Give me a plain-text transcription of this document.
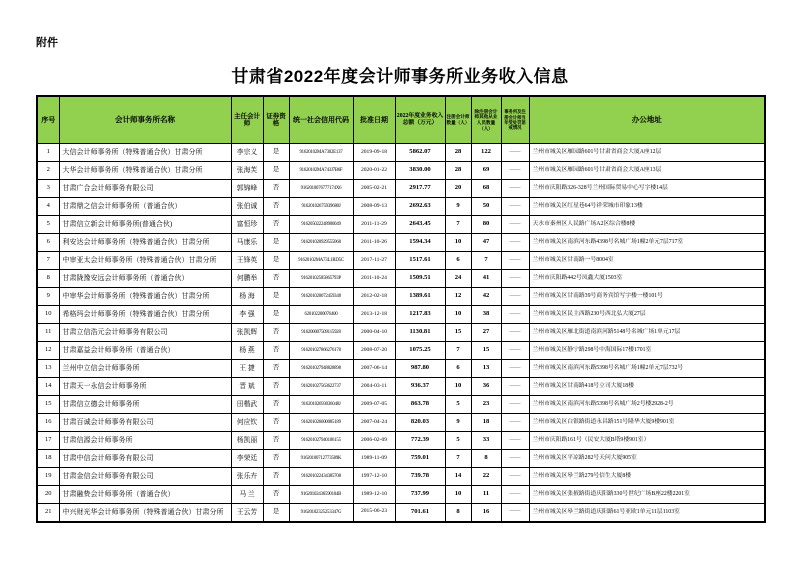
附件
甘肃省2022年度会计师事务所业务收入信息
序号	会计师事务所名称	主任会计师	证券资格	统一社会信用代码	批准日期	2022年度业务收入总额（万元）	注册会计师数量（人）	除注册会计师其他从业人员数量（人）	事务所及注册会计师当年受处罚惩戒情况	办公地址
1	大信会计师事务所（特殊普通合伙）甘肃分所	李宗义	是	91620102MA7302E137	2019-09-18	5862.07	28	122	——	兰州市城关区雁园路601号甘肃省商会大厦A座12层
2	大华会计师事务所（特殊普通合伙）甘肃分所	张海芙	是	91620102MA743J7B6F	2020-01-22	3830.00	28	69	——	兰州市城关区雁园路601号甘肃省商会大厦A座13层
3	甘肃广合会计师事务有限公司	郭锦峰	否	9162010076777174X6	2005-02-21	2917.77	20	68	——	兰州市庆阳路326-328号兰州国际贸易中心写字楼14层
4	甘肃鼎之信会计师事务所（普通合伙）	张伯诚	否	91620102675939680J	2008-09-13	2692.63	9	50	——	兰州市城关区红星巷64号祥荣城市印象13楼
5	甘肃信立新会计师事务所(普通合伙)	富恒珍	否	916205022248900049	2011-11-29	2643.45	7	80	——	天水市秦州区人民路广场A2区综合楼8楼
6	利安达会计师事务所（特殊普通合伙）甘肃分所	马康乐	是	916201020929555068	2011-10-26	1594.34	10	47	——	兰州市城关区南滨河东路4398号名城广场1幢2单元7层717室
7	中审亚太会计师事务所（特殊普通合伙）甘肃分所	王锋英	是	91620102MA73L1RD5C	2017-11-27	1517.61	6	7	——	兰州市城关区甘南路一号8004室
8	甘肃陇豫安远会计师事务所（普通合伙）	何鹏举	否	91620102585865793P	2011-10-24	1509.51	24	41	——	兰州市庆阳路442号凤鑫大厦1503室
9	中审华会计师事务所（特殊普通合伙）甘肃分所	杨 海	是	916201020072459348	2012-02-18	1389.61	12	42	——	兰州市城关区甘南路39号商务宾馆写字楼一楼101号
10	希格玛会计师事务所（特殊普通合伙）甘肃分所	李 强	是	620102200076400	2013-12-18	1217.83	10	38	——	兰州市城关区民主西路230号西北弘大厦27层
11	甘肃立信浩元会计师事务有限公司	张凯辉	否	916200007509115928	2000-04-10	1130.81	15	27	——	兰州市城关区雁北街道南滨河路5148号名城广场1单元17层
12	甘肃嘉益会计师事务所（普通合伙）	杨 燕	否	916201027866276178	2008-07-20	1075.25	7	15	——	兰州市城关区静宁路298号中海国际17楼1701室
13	兰州中立信会计师事务所	王 捷	否	916201027948828898	2007-06-14	987.80	6	13	——	兰州市城关区南滨河东路5398号名城广场1幢2单元7层732号
14	甘肃天一永信会计师事务所	晋 斌	否	916201027563622737	2004-03-11	936.37	10	36	——	兰州市城关区甘南路418号立司大厦18楼
15	甘肃信立德会计师事务所	田楷武	否	91620102693036048J	2009-07-05	863.78	5	23	——	兰州市城关区南滨河东路5398号名城广场2号楼2928-2号
16	甘肃百诚会计师事务有限公司	何应钦	否	916201026600085189	2007-04-24	820.03	9	18	——	兰州市城关区白银路街道永昌路151号隆华大厦9楼901室
17	甘肃信源会计师事务所	杨凯丽	否	916201027940106155	2006-02-09	772.39	5	33	——	兰州市庆阳路161号（民安大厦B塔9楼901室）
18	甘肃中信会计师事务有限公司	李荣廷	否	91620100712773589K	1989-11-09	759.01	7	8	——	兰州市城关区平凉路282号天问大厦905室
19	甘肃金信会计师事务有限公司	张乐卉	否	916201022434385708	1997-12-10	739.78	14	22	——	兰州市城关区皋兰路279号信生大厦8楼
20	甘肃融贽会计师事务所（普通合伙）	马 兰	否	91620102436590104B	1989-12-10	737.99	10	11	——	兰州市城关区张掖路街道庆阳路330号世纪广场B座22楼2201室
21	中兴财光华会计师事务所（特殊普通合伙）甘肃分所	王云芳	是	91620102325253347G	2015-06-23	701.61	8	16	——	兰州市城关区皋兰路街道庆阳路61号亚欧1单元11层1103室
